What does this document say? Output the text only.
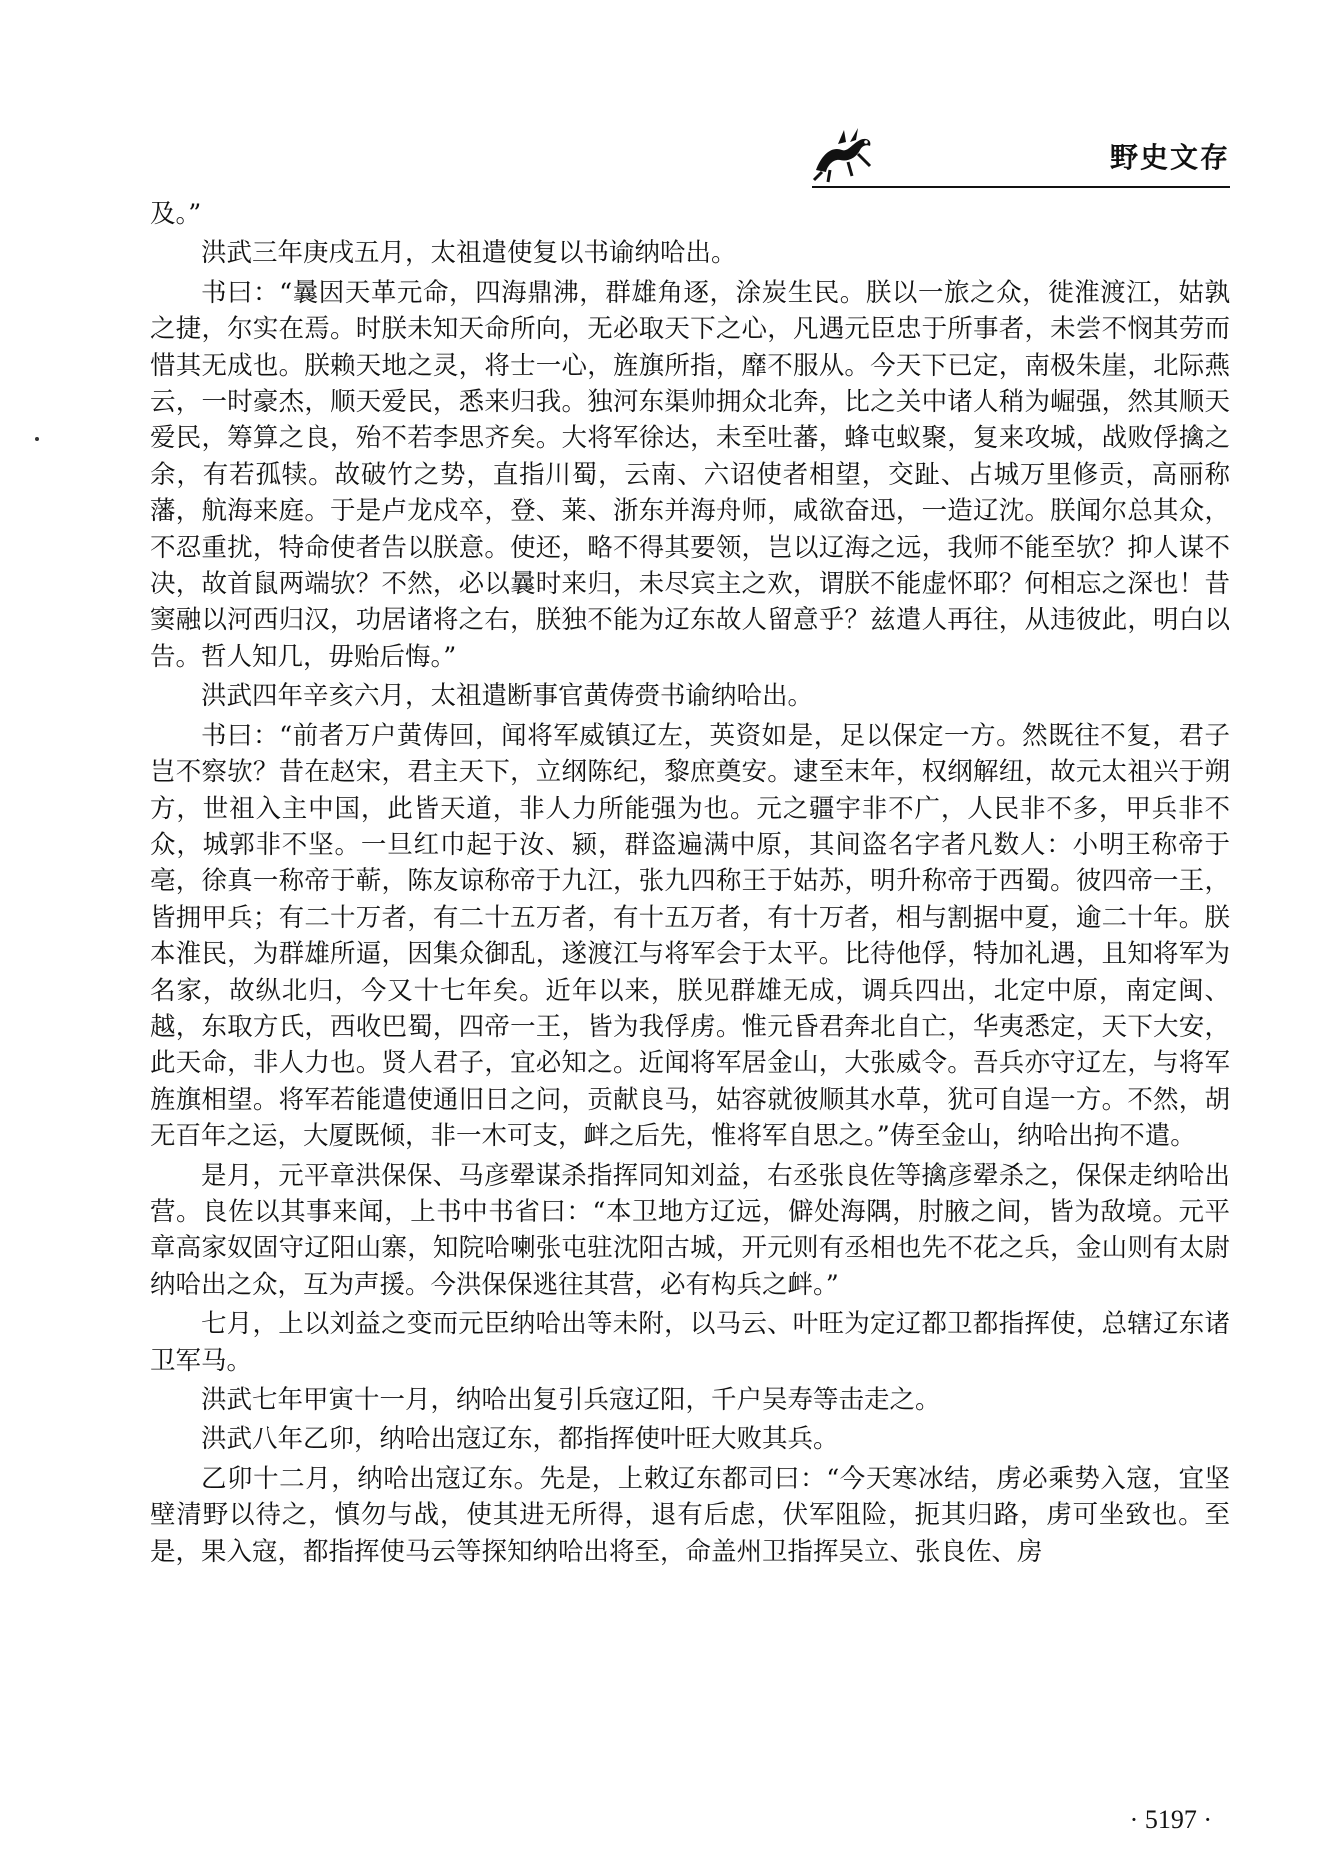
野史文存

及。”

洪武三年庚戌五月，太祖遣使复以书谕纳哈出。

书曰：“曩因天革元命，四海鼎沸，群雄角逐，涂炭生民。朕以一旅之众，徙淮渡江，姑孰之捷，尔实在焉。时朕未知天命所向，无必取天下之心，凡遇元臣忠于所事者，未尝不悯其劳而惜其无成也。朕赖天地之灵，将士一心，旌旗所指，靡不服从。今天下已定，南极朱崖，北际燕云，一时豪杰，顺天爱民，悉来归我。独河东渠帅拥众北奔，比之关中诸人稍为崛强，然其顺天爱民，筹算之良，殆不若李思齐矣。大将军徐达，未至吐蕃，蜂屯蚁聚，复来攻城，战败俘擒之余，有若孤犊。故破竹之势，直指川蜀，云南、六诏使者相望，交趾、占城万里修贡，高丽称藩，航海来庭。于是卢龙戍卒，登、莱、浙东并海舟师，咸欲奋迅，一造辽沈。朕闻尔总其众，不忍重扰，特命使者告以朕意。使还，略不得其要领，岂以辽海之远，我师不能至欤？抑人谋不决，故首鼠两端欤？不然，必以曩时来归，未尽宾主之欢，谓朕不能虚怀耶？何相忘之深也！昔窦融以河西归汉，功居诸将之右，朕独不能为辽东故人留意乎？兹遣人再往，从违彼此，明白以告。哲人知几，毋贻后悔。”

洪武四年辛亥六月，太祖遣断事官黄俦赍书谕纳哈出。

书曰：“前者万户黄俦回，闻将军威镇辽左，英资如是，足以保定一方。然既往不复，君子岂不察欤？昔在赵宋，君主天下，立纲陈纪，黎庶奠安。逮至末年，权纲解纽，故元太祖兴于朔方，世祖入主中国，此皆天道，非人力所能强为也。元之疆宇非不广，人民非不多，甲兵非不众，城郭非不坚。一旦红巾起于汝、颍，群盗遍满中原，其间盗名字者凡数人：小明王称帝于亳，徐真一称帝于蕲，陈友谅称帝于九江，张九四称王于姑苏，明升称帝于西蜀。彼四帝一王，皆拥甲兵；有二十万者，有二十五万者，有十五万者，有十万者，相与割据中夏，逾二十年。朕本淮民，为群雄所逼，因集众御乱，遂渡江与将军会于太平。比待他俘，特加礼遇，且知将军为名家，故纵北归，今又十七年矣。近年以来，朕见群雄无成，调兵四出，北定中原，南定闽、越，东取方氏，西收巴蜀，四帝一王，皆为我俘虏。惟元昏君奔北自亡，华夷悉定，天下大安，此天命，非人力也。贤人君子，宜必知之。近闻将军居金山，大张威令。吾兵亦守辽左，与将军旌旗相望。将军若能遣使通旧日之问，贡献良马，姑容就彼顺其水草，犹可自逞一方。不然，胡无百年之运，大厦既倾，非一木可支，衅之后先，惟将军自思之。”俦至金山，纳哈出拘不遣。

是月，元平章洪保保、马彦翚谋杀指挥同知刘益，右丞张良佐等擒彦翚杀之，保保走纳哈出营。良佐以其事来闻，上书中书省曰：“本卫地方辽远，僻处海隅，肘腋之间，皆为敌境。元平章高家奴固守辽阳山寨，知院哈喇张屯驻沈阳古城，开元则有丞相也先不花之兵，金山则有太尉纳哈出之众，互为声援。今洪保保逃往其营，必有构兵之衅。”

七月，上以刘益之变而元臣纳哈出等未附，以马云、叶旺为定辽都卫都指挥使，总辖辽东诸卫军马。

洪武七年甲寅十一月，纳哈出复引兵寇辽阳，千户吴寿等击走之。

洪武八年乙卯，纳哈出寇辽东，都指挥使叶旺大败其兵。

乙卯十二月，纳哈出寇辽东。先是，上敕辽东都司曰：“今天寒冰结，虏必乘势入寇，宜坚壁清野以待之，慎勿与战，使其进无所得，退有后虑，伏军阻险，扼其归路，虏可坐致也。至是，果入寇，都指挥使马云等探知纳哈出将至，命盖州卫指挥吴立、张良佐、房

· 5197 ·
